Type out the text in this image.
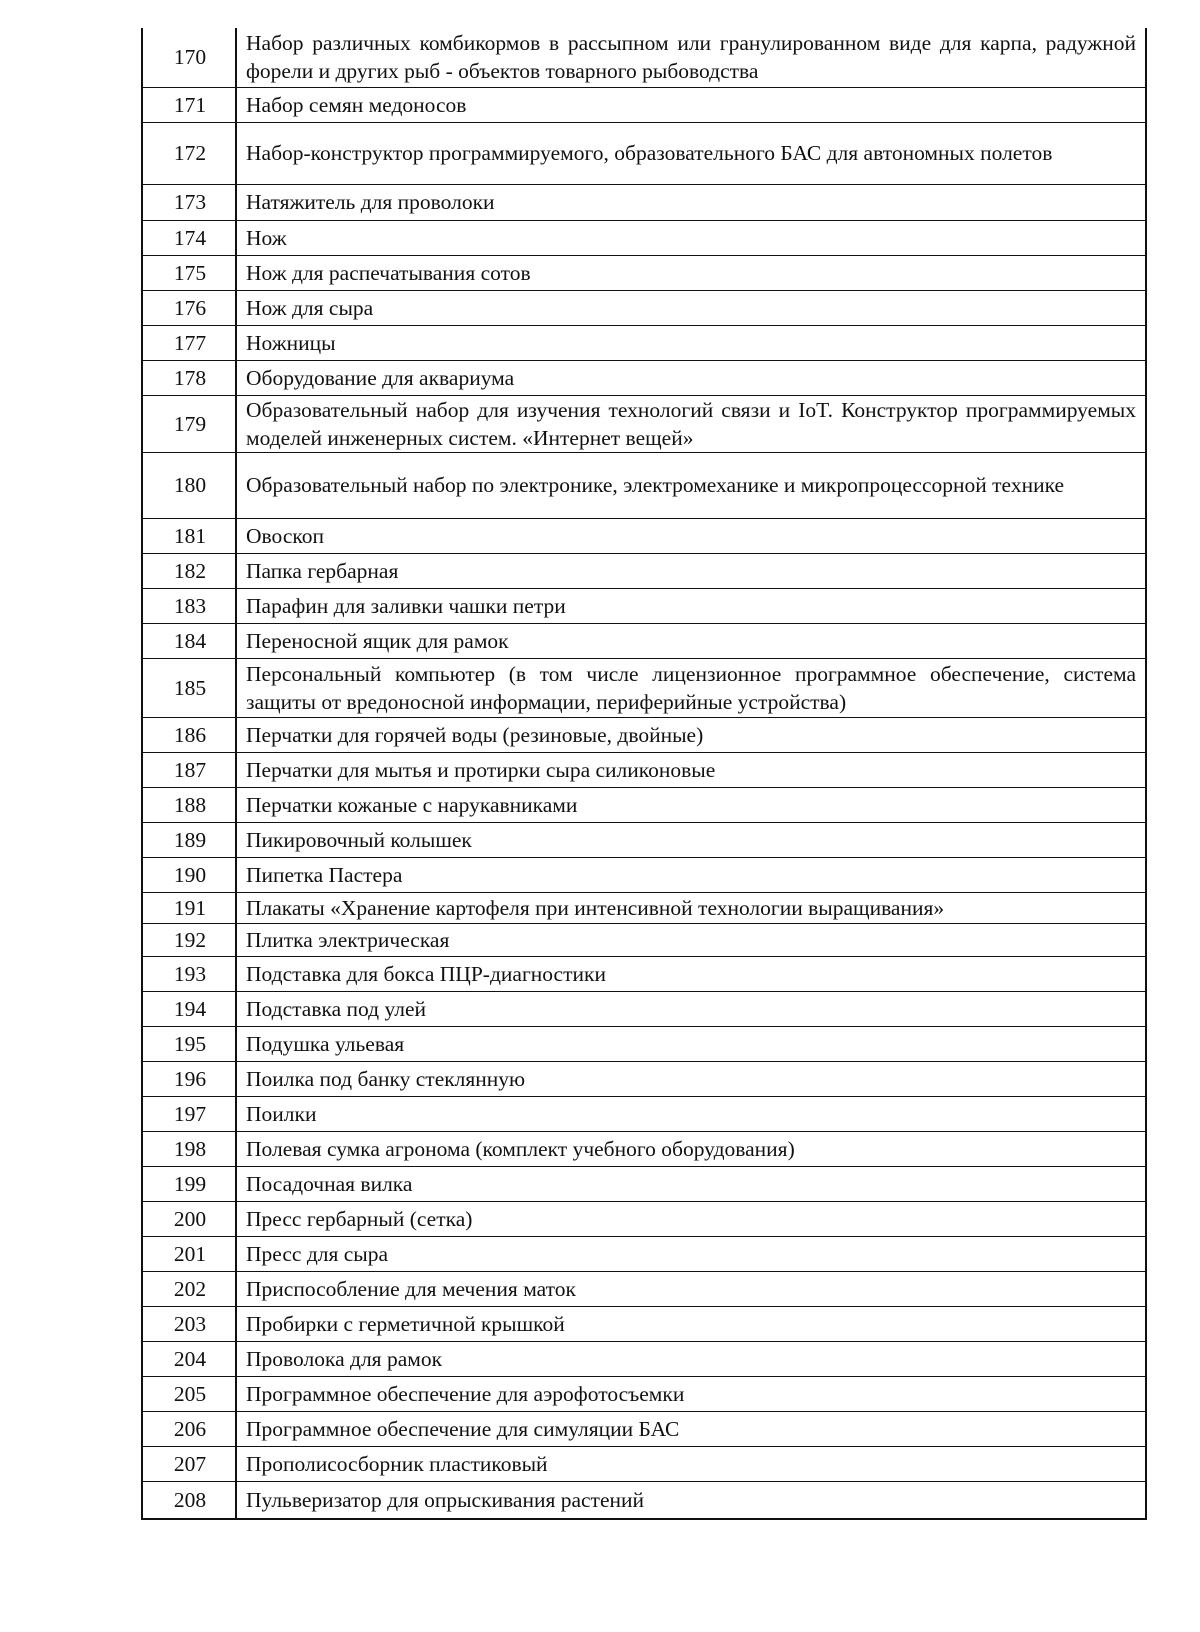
170	Набор различных комбикормов в рассыпном или гранулированном виде для карпа, радужной форели и других рыб - объектов товарного рыбоводства
171	Набор семян медоносов
172	Набор-конструктор программируемого, образовательного БАС для автономных полетов
173	Натяжитель для проволоки
174	Нож
175	Нож для распечатывания сотов
176	Нож для сыра
177	Ножницы
178	Оборудование для аквариума
179	Образовательный набор для изучения технологий связи и IoT. Конструктор программируемых моделей инженерных систем. «Интернет вещей»
180	Образовательный набор по электронике, электромеханике и микропроцессорной технике
181	Овоскоп
182	Папка гербарная
183	Парафин для заливки чашки петри
184	Переносной ящик для рамок
185	Персональный компьютер (в том числе лицензионное программное обеспечение, система защиты от вредоносной информации, периферийные устройства)
186	Перчатки для горячей воды (резиновые, двойные)
187	Перчатки для мытья и протирки сыра силиконовые
188	Перчатки кожаные с нарукавниками
189	Пикировочный колышек
190	Пипетка Пастера
191	Плакаты «Хранение картофеля при интенсивной технологии выращивания»
192	Плитка электрическая
193	Подставка для бокса ПЦР-диагностики
194	Подставка под улей
195	Подушка ульевая
196	Поилка под банку стеклянную
197	Поилки
198	Полевая сумка агронома (комплект учебного оборудования)
199	Посадочная вилка
200	Пресс гербарный (сетка)
201	Пресс для сыра
202	Приспособление для мечения маток
203	Пробирки с герметичной крышкой
204	Проволока для рамок
205	Программное обеспечение для аэрофотосъемки
206	Программное обеспечение для симуляции БАС
207	Прополисосборник пластиковый
208	Пульверизатор для опрыскивания растений
